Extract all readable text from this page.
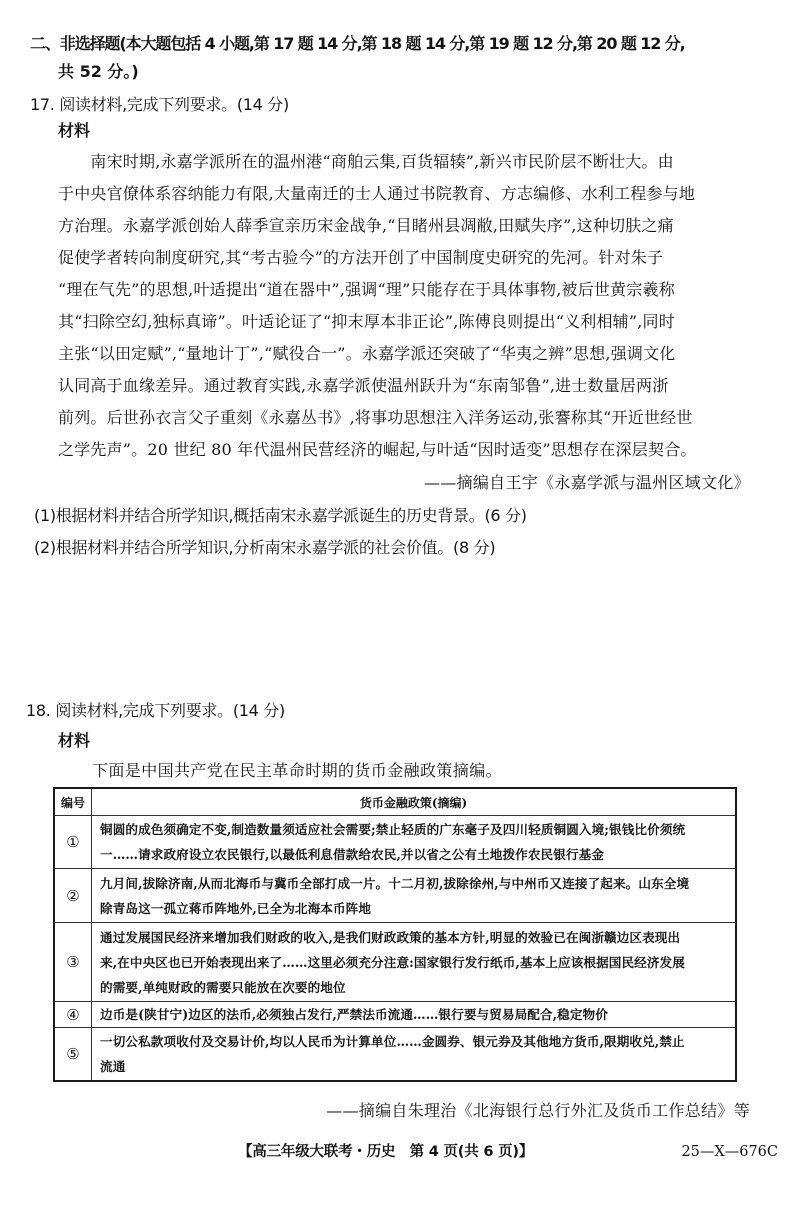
二、非选择题(本大题包括 4 小题,第 17 题 14 分,第 18 题 14 分,第 19 题 12 分,第 20 题 12 分,
共 52 分。)
17. 阅读材料,完成下列要求。(14 分)
材料
　　南宋时期,永嘉学派所在的温州港“商舶云集,百货辐辏”,新兴市民阶层不断壮大。由
于中央官僚体系容纳能力有限,大量南迁的士人通过书院教育、方志编修、水利工程参与地
方治理。永嘉学派创始人薛季宣亲历宋金战争,“目睹州县凋敝,田赋失序”,这种切肤之痛
促使学者转向制度研究,其“考古验今”的方法开创了中国制度史研究的先河。针对朱子
“理在气先”的思想,叶适提出“道在器中”,强调“理”只能存在于具体事物,被后世黄宗羲称
其“扫除空幻,独标真谛”。叶适论证了“抑末厚本非正论”,陈傅良则提出“义利相辅”,同时
主张“以田定赋”,“量地计丁”,“赋役合一”。永嘉学派还突破了“华夷之辨”思想,强调文化
认同高于血缘差异。通过教育实践,永嘉学派使温州跃升为“东南邹鲁”,进士数量居两浙
前列。后世孙衣言父子重刻《永嘉丛书》,将事功思想注入洋务运动,张謇称其“开近世经世
之学先声”。20 世纪 80 年代温州民营经济的崛起,与叶适“因时适变”思想存在深层契合。
——摘编自王宇《永嘉学派与温州区域文化》
(1)根据材料并结合所学知识,概括南宋永嘉学派诞生的历史背景。(6 分)
(2)根据材料并结合所学知识,分析南宋永嘉学派的社会价值。(8 分)
18. 阅读材料,完成下列要求。(14 分)
材料
下面是中国共产党在民主革命时期的货币金融政策摘编。
编号	货币金融政策(摘编)
①	铜圆的成色须确定不变,制造数量须适应社会需要;禁止轻质的广东毫子及四川轻质铜圆入境;银钱比价须统
一……请求政府设立农民银行,以最低利息借款给农民,并以省之公有土地拨作农民银行基金

②	九月间,拔除济南,从而北海币与冀币全部打成一片。十二月初,拔除徐州,与中州币又连接了起来。山东全境
除青岛这一孤立蒋币阵地外,已全为北海本币阵地

③	通过发展国民经济来增加我们财政的收入,是我们财政政策的基本方针,明显的效验已在闽浙赣边区表现出
来,在中央区也已开始表现出来了……这里必须充分注意:国家银行发行纸币,基本上应该根据国民经济发展
的需要,单纯财政的需要只能放在次要的地位

④	边币是(陕甘宁)边区的法币,必须独占发行,严禁法币流通……银行要与贸易局配合,稳定物价

⑤	一切公私款项收付及交易计价,均以人民币为计算单位……金圆券、银元券及其他地方货币,限期收兑,禁止
流通
——摘编自朱理治《北海银行总行外汇及货币工作总结》等
【高三年级大联考・历史　第 4 页(共 6 页)】	25—X—676C
